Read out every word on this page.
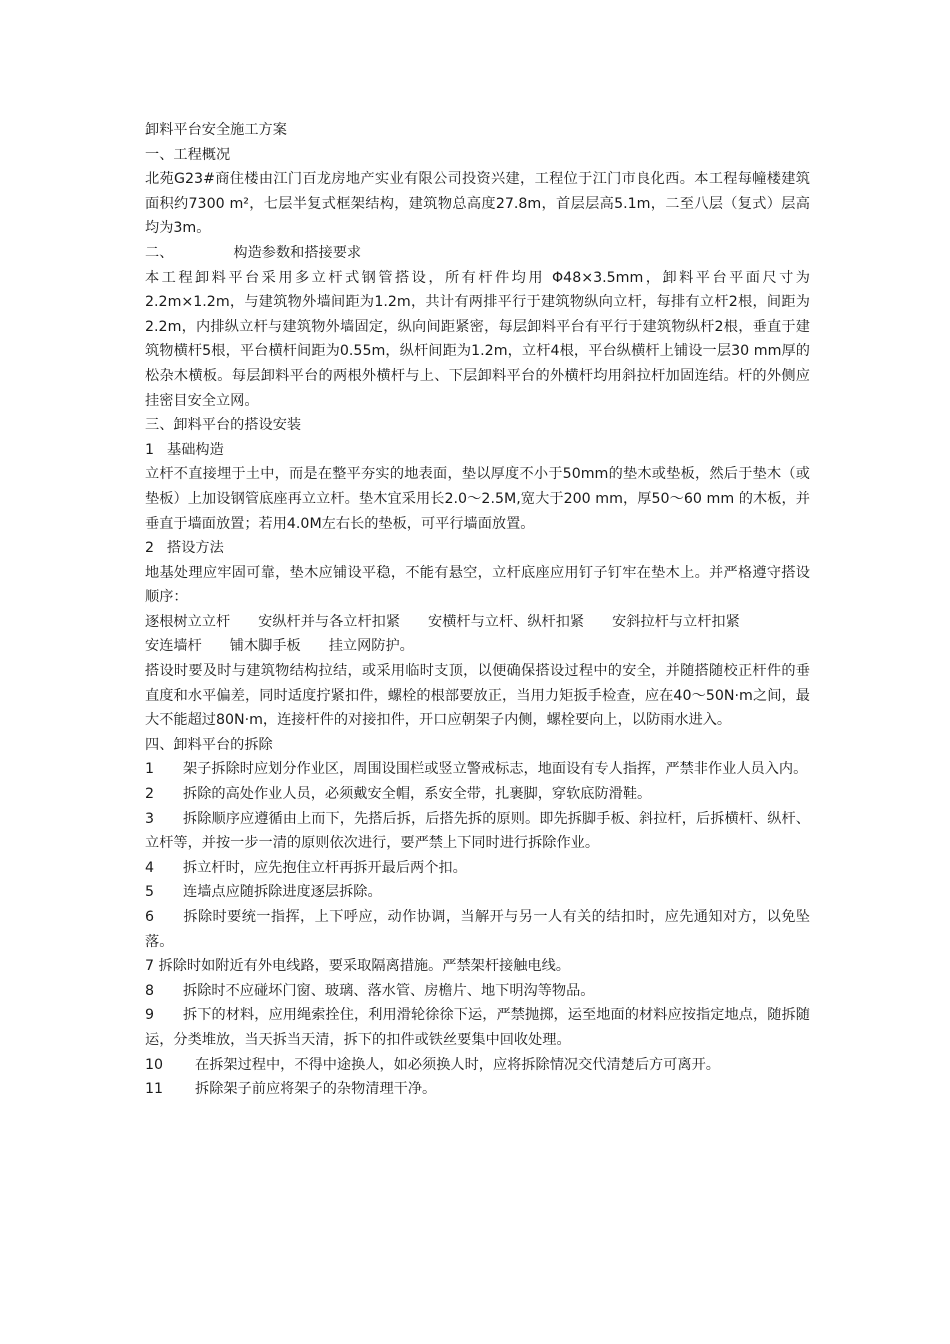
卸料平台安全施工方案

一、工程概况

北苑G23#商住楼由江门百龙房地产实业有限公司投资兴建，工程位于江门市良化西。本工程每幢楼建筑面积约7300 m²，七层半复式框架结构，建筑物总高度27.8m，首层层高5.1m，二至八层（复式）层高均为3m。

二、	构造参数和搭接要求

本工程卸料平台采用多立杆式钢管搭设，所有杆件均用 Φ48×3.5mm，卸料平台平面尺寸为2.2m×1.2m，与建筑物外墙间距为1.2m，共计有两排平行于建筑物纵向立杆，每排有立杆2根，间距为2.2m，内排纵立杆与建筑物外墙固定，纵向间距紧密，每层卸料平台有平行于建筑物纵杆2根，垂直于建筑物横杆5根，平台横杆间距为0.55m，纵杆间距为1.2m，立杆4根，平台纵横杆上铺设一层30 mm厚的松杂木横板。每层卸料平台的两根外横杆与上、下层卸料平台的外横杆均用斜拉杆加固连结。杆的外侧应挂密目安全立网。

三、卸料平台的搭设安装

1 基础构造

立杆不直接埋于土中，而是在整平夯实的地表面，垫以厚度不小于50mm的垫木或垫板，然后于垫木（或垫板）上加设钢管底座再立立杆。垫木宜采用长2.0～2.5M,宽大于200 mm，厚50～60 mm 的木板，并垂直于墙面放置；若用4.0M左右长的垫板，可平行墙面放置。

2 搭设方法

地基处理应牢固可靠，垫木应铺设平稳，不能有悬空，立杆底座应用钉子钉牢在垫木上。并严格遵守搭设顺序：

逐根树立立杆 安纵杆并与各立杆扣紧 安横杆与立杆、纵杆扣紧 安斜拉杆与立杆扣紧

安连墙杆 铺木脚手板 挂立网防护。

搭设时要及时与建筑物结构拉结，或采用临时支顶，以便确保搭设过程中的安全，并随搭随校正杆件的垂直度和水平偏差，同时适度拧紧扣件，螺栓的根部要放正，当用力矩扳手检查，应在40～50N·m之间，最大不能超过80N·m，连接杆件的对接扣件，开口应朝架子内侧，螺栓要向上，以防雨水进入。

四、卸料平台的拆除

1 架子拆除时应划分作业区，周围设围栏或竖立警戒标志，地面设有专人指挥，严禁非作业人员入内。

2 拆除的高处作业人员，必须戴安全帽，系安全带，扎裹脚，穿软底防滑鞋。

3 拆除顺序应遵循由上而下，先搭后拆，后搭先拆的原则。即先拆脚手板、斜拉杆，后拆横杆、纵杆、立杆等，并按一步一清的原则依次进行，要严禁上下同时进行拆除作业。

4 拆立杆时，应先抱住立杆再拆开最后两个扣。

5 连墙点应随拆除进度逐层拆除。

6 拆除时要统一指挥，上下呼应，动作协调，当解开与另一人有关的结扣时，应先通知对方，以免坠落。

7 拆除时如附近有外电线路，要采取隔离措施。严禁架杆接触电线。

8 拆除时不应碰坏门窗、玻璃、落水管、房檐片、地下明沟等物品。

9 拆下的材料，应用绳索拴住，利用滑轮徐徐下运，严禁抛掷，运至地面的材料应按指定地点，随拆随运，分类堆放，当天拆当天清，拆下的扣件或铁丝要集中回收处理。

10 在拆架过程中，不得中途换人，如必须换人时，应将拆除情况交代清楚后方可离开。

11 拆除架子前应将架子的杂物清理干净。
